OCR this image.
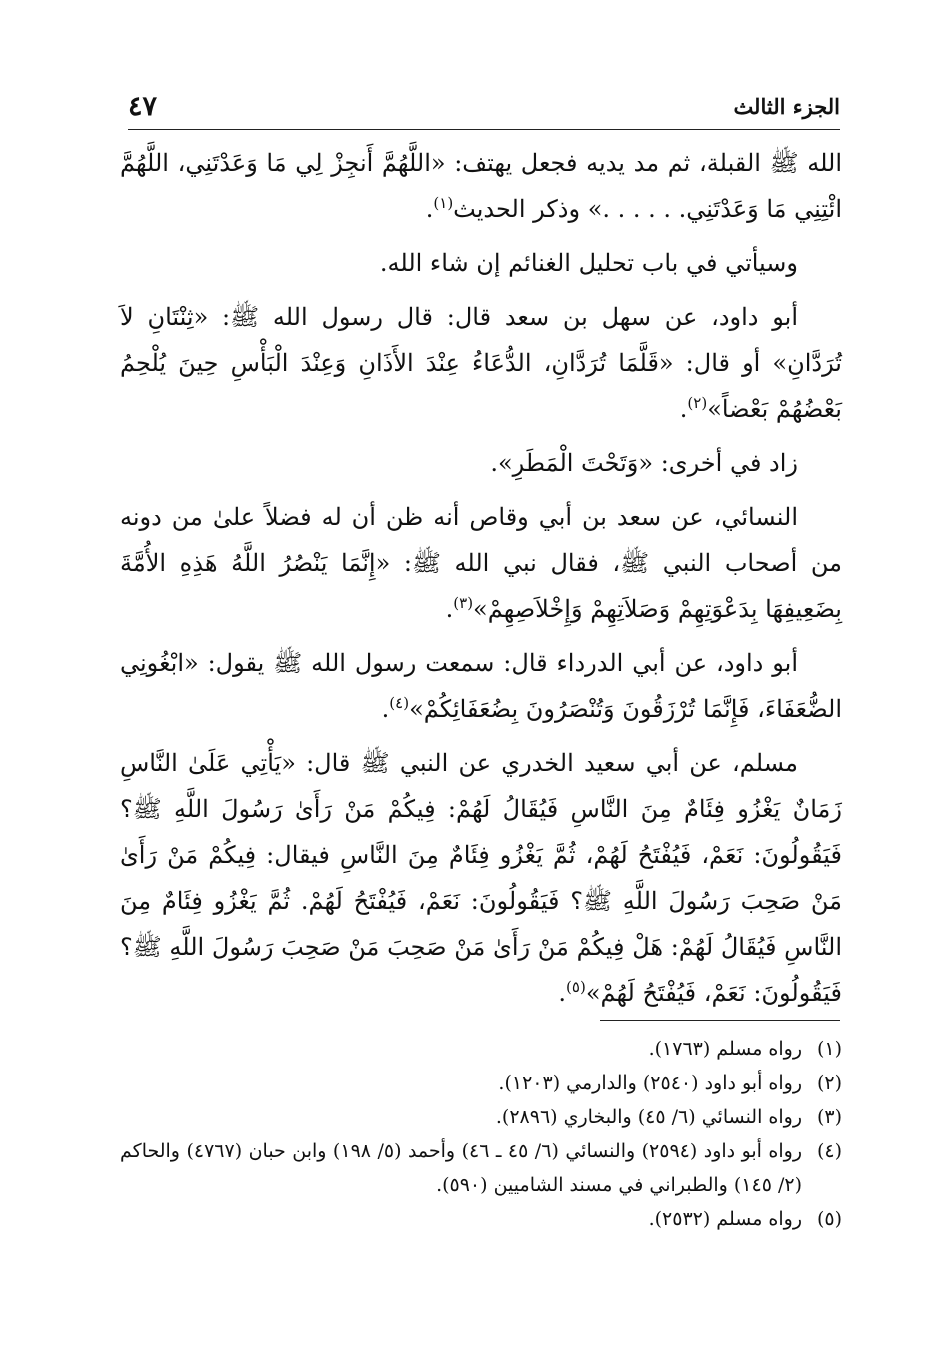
الجزء الثالث
٤٧

الله ﷺ القبلة، ثم مد يديه فجعل يهتف: «اللَّهُمَّ أَنجِزْ لِي مَا وَعَدْتَنِي، اللَّهُمَّ ائْتِنِي مَا وَعَدْتَنِي. . . . . .» وذكر الحديث$^{(١)}$.

وسيأتي في باب تحليل الغنائم إن شاء الله.

أبو داود، عن سهل بن سعد قال: قال رسول الله ﷺ: «ثِنْتَانِ لاَ تُرَدَّانِ» أو قال: «قَلَّمَا تُرَدَّانِ، الدُّعَاءُ عِنْدَ الأَذَانِ وَعِنْدَ الْبَأْسِ حِينَ يُلْحِمُ بَعْضُهُمْ بَعْضاً»$^{(٢)}$.

زاد في أخرى: «وَتَحْتَ الْمَطَرِ».

النسائي، عن سعد بن أبي وقاص أنه ظن أن له فضلاً علىٰ من دونه من أصحاب النبي ﷺ، فقال نبي الله ﷺ: «إِنَّمَا يَنْصُرُ اللَّهُ هَذِهِ الأُمَّةَ بِضَعِيفِهَا بِدَعْوَتِهِمْ وَصَلاَتِهِمْ وَإِخْلاَصِهِمْ»$^{(٣)}$.

أبو داود، عن أبي الدرداء قال: سمعت رسول الله ﷺ يقول: «ابْغُونِي الضُّعَفَاءَ، فَإِنَّمَا تُرْزَقُونَ وَتُنْصَرُونَ بِضُعَفَائِكُمْ»$^{(٤)}$.

مسلم، عن أبي سعيد الخدري عن النبي ﷺ قال: «يَأْتِي عَلَىٰ النَّاسِ زَمَانٌ يَغْزُو فِئَامٌ مِنَ النَّاسِ فَيُقَالُ لَهُمْ: فِيكُمْ مَنْ رَأَىٰ رَسُولَ اللَّهِ ﷺ؟ فَيَقُولُونَ: نَعَمْ، فَيُفْتَحُ لَهُمْ، ثُمَّ يَغْزُو فِئَامٌ مِنَ النَّاسِ فيقال: فِيكُمْ مَنْ رَأَىٰ مَنْ صَحِبَ رَسُولَ اللَّهِ ﷺ؟ فَيَقُولُونَ: نَعَمْ، فَيُفْتَحُ لَهُمْ. ثُمَّ يَغْزُو فِئَامٌ مِنَ النَّاسِ فَيُقَالُ لَهُمْ: هَلْ فِيكُمْ مَنْ رَأَىٰ مَنْ صَحِبَ مَنْ صَحِبَ رَسُولَ اللَّهِ ﷺ؟ فَيَقُولُونَ: نَعَمْ، فَيُفْتَحُ لَهُمْ»$^{(٥)}$.

(١)
رواه مسلم (١٧٦٣).
(٢)
رواه أبو داود (٢٥٤٠) والدارمي (١٢٠٣).
(٣)
رواه النسائي (٦/ ٤٥) والبخاري (٢٨٩٦).
(٤)
رواه أبو داود (٢٥٩٤) والنسائي (٦/ ٤٥ ـ ٤٦) وأحمد (٥/ ١٩٨) وابن حبان (٤٧٦٧) والحاكم (٢/ ١٤٥) والطبراني في مسند الشاميين (٥٩٠).
(٥)
رواه مسلم (٢٥٣٢).
